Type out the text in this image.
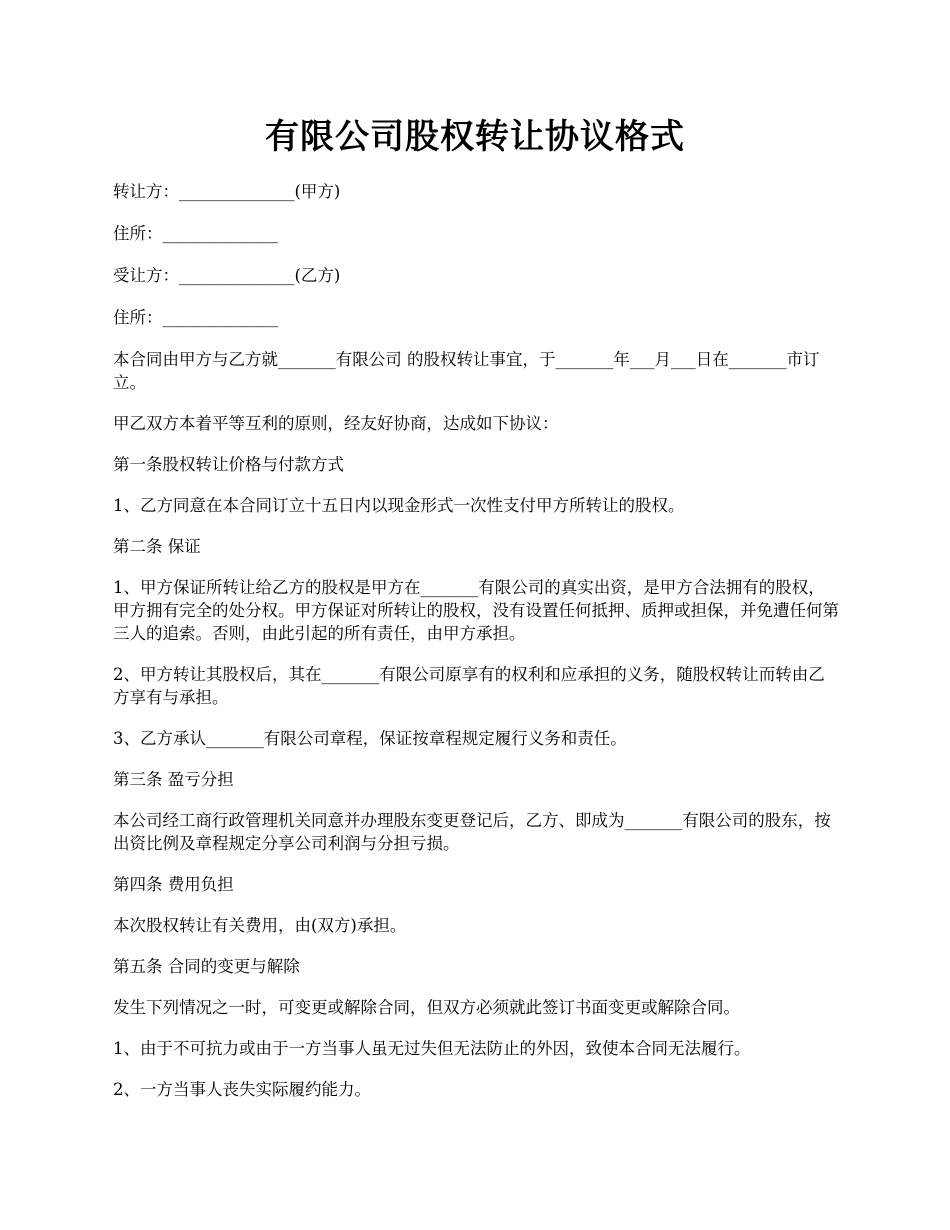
有限公司股权转让协议格式

转让方：______________(甲方)

住所：______________

受让方：______________(乙方)

住所：______________

本合同由甲方与乙方就_______有限公司 的股权转让事宜，于_______年___月___日在_______市订立。

甲乙双方本着平等互利的原则，经友好协商，达成如下协议：

第一条股权转让价格与付款方式

1、乙方同意在本合同订立十五日内以现金形式一次性支付甲方所转让的股权。

第二条 保证

1、甲方保证所转让给乙方的股权是甲方在_______有限公司的真实出资，是甲方合法拥有的股权，甲方拥有完全的处分权。甲方保证对所转让的股权，没有设置任何抵押、质押或担保，并免遭任何第三人的追索。否则，由此引起的所有责任，由甲方承担。

2、甲方转让其股权后，其在_______有限公司原享有的权利和应承担的义务，随股权转让而转由乙方享有与承担。

3、乙方承认_______有限公司章程，保证按章程规定履行义务和责任。

第三条 盈亏分担

本公司经工商行政管理机关同意并办理股东变更登记后，乙方、即成为_______有限公司的股东，按出资比例及章程规定分享公司利润与分担亏损。

第四条 费用负担

本次股权转让有关费用，由(双方)承担。

第五条 合同的变更与解除

发生下列情况之一时，可变更或解除合同，但双方必须就此签订书面变更或解除合同。

1、由于不可抗力或由于一方当事人虽无过失但无法防止的外因，致使本合同无法履行。

2、一方当事人丧失实际履约能力。
